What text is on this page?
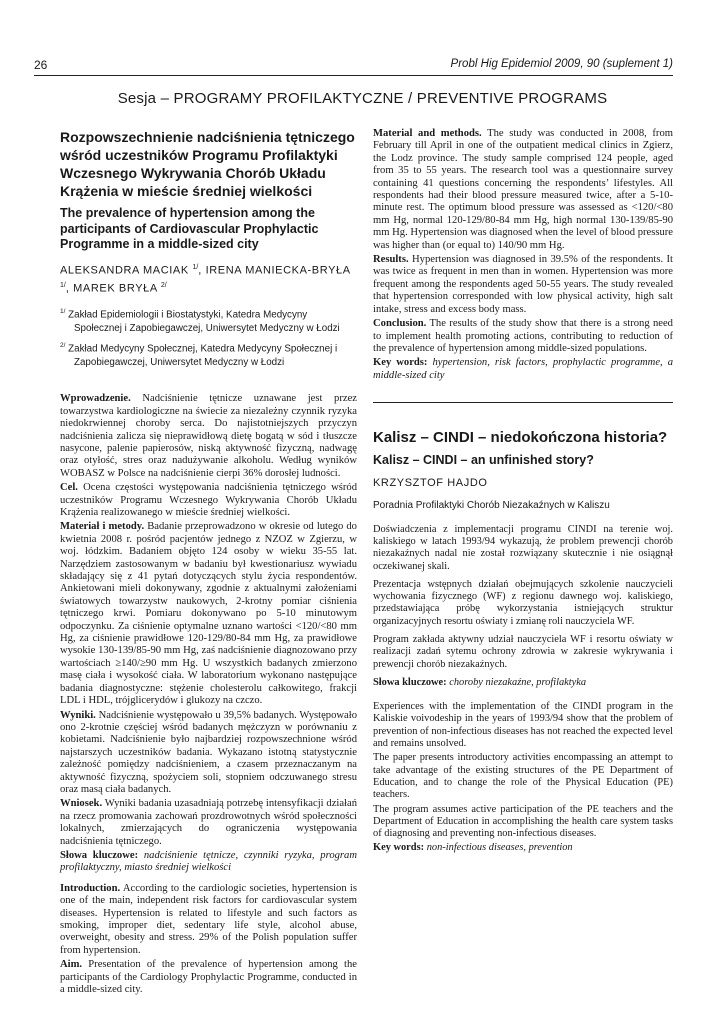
26	Probl Hig Epidemiol 2009, 90 (suplement 1)
Sesja – PROGRAMY PROFILAKTYCZNE / PREVENTIVE PROGRAMS
Rozpowszechnienie nadciśnienia tętniczego wśród uczestników Programu Profilaktyki Wczesnego Wykrywania Chorób Układu Krążenia w mieście średniej wielkości
The prevalence of hypertension among the participants of Cardiovascular Prophylactic Programme in a middle-sized city
ALEKSANDRA MACIAK $^{1/}$, IRENA MANIECKA-BRYŁA $^{1/}$, MAREK BRYŁA $^{2/}$
$^{1/}$ Zakład Epidemiologii i Biostatystyki, Katedra Medycyny Społecznej i Zapobiegawczej, Uniwersytet Medyczny w Łodzi
$^{2/}$ Zakład Medycyny Społecznej, Katedra Medycyny Społecznej i Zapobiegawczej, Uniwersytet Medyczny w Łodzi

Wprowadzenie. Nadciśnienie tętnicze uznawane jest przez towarzystwa kardiologiczne na świecie za niezależny czynnik ryzyka niedokrwiennej choroby serca. Do najistotniejszych przyczyn nadciśnienia zalicza się nieprawidłową dietę bogatą w sód i tłuszcze nasycone, palenie papierosów, niską aktywność fizyczną, nadwagę oraz otyłość, stres oraz nadużywanie alkoholu. Według wyników WOBASZ w Polsce na nadciśnienie cierpi 36% dorosłej ludności.

Cel. Ocena częstości występowania nadciśnienia tętniczego wśród uczestników Programu Wczesnego Wykrywania Chorób Układu Krążenia realizowanego w mieście średniej wielkości.

Materiał i metody. Badanie przeprowadzono w okresie od lutego do kwietnia 2008 r. pośród pacjentów jednego z NZOZ w Zgierzu, w woj. łódzkim. Badaniem objęto 124 osoby w wieku 35-55 lat. Narzędziem zastosowanym w badaniu był kwestionariusz wywiadu składający się z 41 pytań dotyczących stylu życia respondentów. Ankietowani mieli dokonywany, zgodnie z aktualnymi założeniami światowych towarzystw naukowych, 2-krotny pomiar ciśnienia tętniczego krwi. Pomiaru dokonywano po 5-10 minutowym odpoczynku. Za ciśnienie optymalne uznano wartości <120/<80 mm Hg, za ciśnienie prawidłowe 120-129/80-84 mm Hg, za prawidłowe wysokie 130-139/85-90 mm Hg, zaś nadciśnienie diagnozowano przy wartościach ≥140/≥90 mm Hg. U wszystkich badanych zmierzono masę ciała i wysokość ciała. W laboratorium wykonano następujące badania diagnostyczne: stężenie cholesterolu całkowitego, frakcji LDL i HDL, trójglicerydów i glukozy na czczo.

Wyniki. Nadciśnienie występowało u 39,5% badanych. Występowało ono 2-krotnie częściej wśród badanych mężczyzn w porównaniu z kobietami. Nadciśnienie było najbardziej rozpowszechnione wśród najstarszych uczestników badania. Wykazano istotną statystycznie zależność pomiędzy nadciśnieniem, a czasem przeznaczanym na aktywność fizyczną, spożyciem soli, stopniem odczuwanego stresu oraz masą ciała badanych.

Wniosek. Wyniki badania uzasadniają potrzebę intensyfikacji działań na rzecz promowania zachowań prozdrowotnych wśród społeczności lokalnych, zmierzających do ograniczenia występowania nadciśnienia tętniczego.

Słowa kluczowe: nadciśnienie tętnicze, czynniki ryzyka, program profilaktyczny, miasto średniej wielkości

Introduction. According to the cardiologic societies, hypertension is one of the main, independent risk factors for cardiovascular system diseases. Hypertension is related to lifestyle and such factors as smoking, improper diet, sedentary life style, alcohol abuse, overweight, obesity and stress. 29% of the Polish population suffer from hypertension.

Aim. Presentation of the prevalence of hypertension among the participants of the Cardiology Prophylactic Programme, conducted in a middle-sized city.

Material and methods. The study was conducted in 2008, from February till April in one of the outpatient medical clinics in Zgierz, the Lodz province. The study sample comprised 124 people, aged from 35 to 55 years. The research tool was a questionnaire survey containing 41 questions concerning the respondents’ lifestyles. All respondents had their blood pressure measured twice, after a 5-10-minute rest. The optimum blood pressure was assessed as <120/<80 mm Hg, normal 120-129/80-84 mm Hg, high normal 130-139/85-90 mm Hg. Hypertension was diagnosed when the level of blood pressure was higher than (or equal to) 140/90 mm Hg.

Results. Hypertension was diagnosed in 39.5% of the respondents. It was twice as frequent in men than in women. Hypertension was more frequent among the respondents aged 50-55 years. The study revealed that hypertension corresponded with low physical activity, high salt intake, stress and excess body mass.

Conclusion. The results of the study show that there is a strong need to implement health promoting actions, contributing to reduction of the prevalence of hypertension among middle-sized populations.

Key words: hypertension, risk factors, prophylactic programme, a middle-sized city

Kalisz – CINDI – niedokończona historia?
Kalisz – CINDI – an unfinished story?
KRZYSZTOF HAJDO
Poradnia Profilaktyki Chorób Niezakaźnych w Kaliszu

Doświadczenia z implementacji programu CINDI na terenie woj. kaliskiego w latach 1993/94 wykazują, że problem prewencji chorób niezakaźnych nadal nie został rozwiązany skutecznie i nie osiągnął oczekiwanej skali.

Prezentacja wstępnych działań obejmujących szkolenie nauczycieli wychowania fizycznego (WF) z regionu dawnego woj. kaliskiego, przedstawiająca próbę wykorzystania istniejących struktur organizacyjnych resortu oświaty i zmianę roli nauczyciela WF.

Program zakłada aktywny udział nauczyciela WF i resortu oświaty w realizacji zadań sytemu ochrony zdrowia w zakresie wykrywania i prewencji chorób niezakaźnych.

Słowa kluczowe: choroby niezakaźne, profilaktyka

Experiences with the implementation of the CINDI program in the Kaliskie voivodeship in the years of 1993/94 show that the problem of prevention of non-infectious diseases has not reached the expected level and remains unsolved.

The paper presents introductory activities encompassing an attempt to take advantage of the existing structures of the PE Department of Education, and to change the role of the Physical Education (PE) teachers.

The program assumes active participation of the PE teachers and the Department of Education in accomplishing the health care system tasks of diagnosing and preventing non-infectious diseases.

Key words: non-infectious diseases, prevention
